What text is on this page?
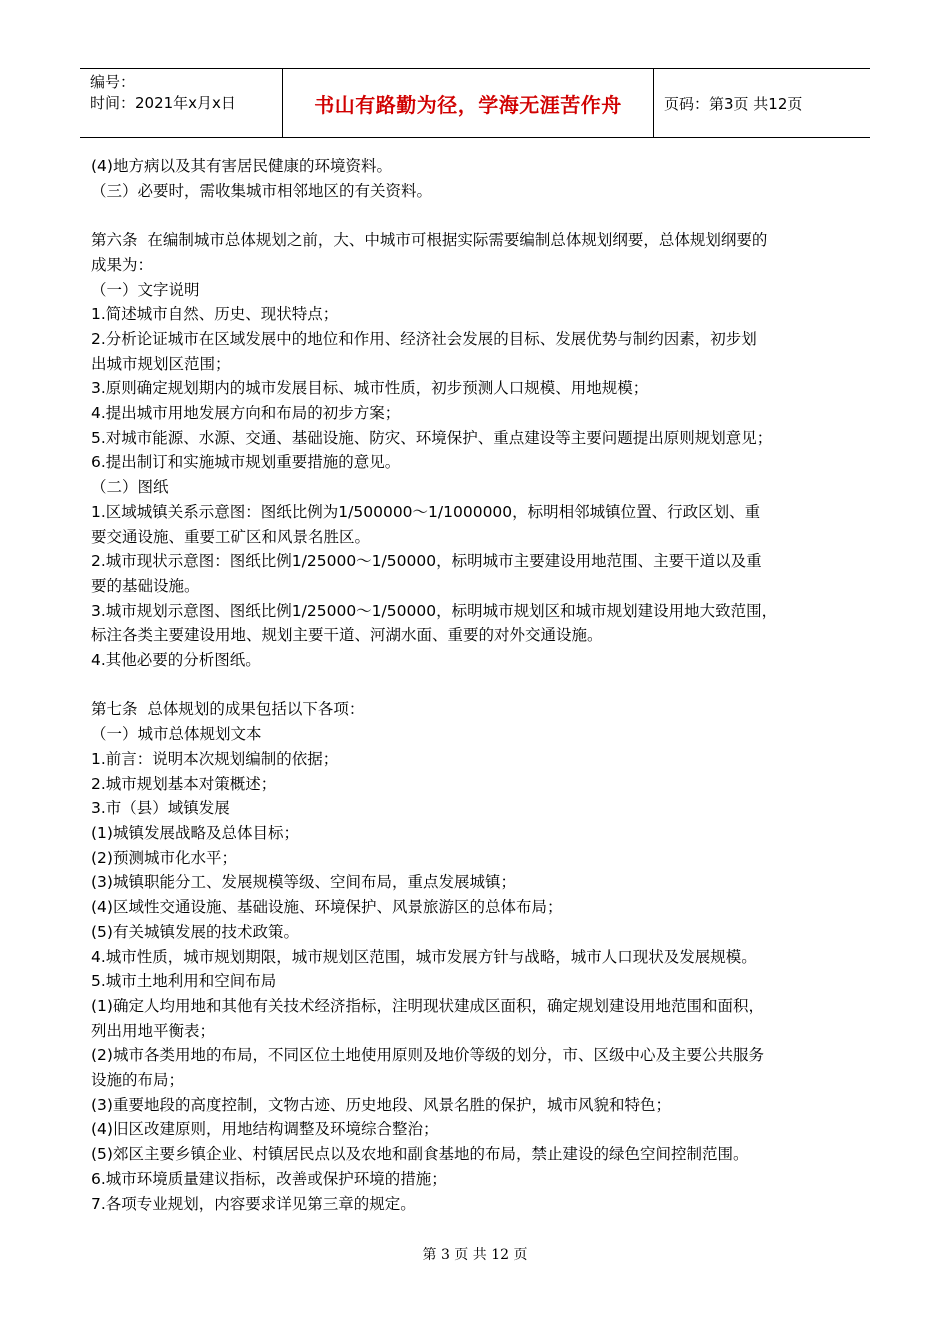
编号：
时间：2021年x月x日	书山有路勤为径，学海无涯苦作舟	页码：第3页 共12页

(4)地方病以及其有害居民健康的环境资料。

（三）必要时，需收集城市相邻地区的有关资料。

第六条  在编制城市总体规划之前，大、中城市可根据实际需要编制总体规划纲要，总体规划纲要的

成果为：

（一）文字说明

1.简述城市自然、历史、现状特点；

2.分析论证城市在区域发展中的地位和作用、经济社会发展的目标、发展优势与制约因素，初步划

出城市规划区范围；

3.原则确定规划期内的城市发展目标、城市性质，初步预测人口规模、用地规模；

4.提出城市用地发展方向和布局的初步方案；

5.对城市能源、水源、交通、基础设施、防灾、环境保护、重点建设等主要问题提出原则规划意见；

6.提出制订和实施城市规划重要措施的意见。

（二）图纸

1.区域城镇关系示意图：图纸比例为1/500000～1/1000000，标明相邻城镇位置、行政区划、重

要交通设施、重要工矿区和风景名胜区。

2.城市现状示意图：图纸比例1/25000～1/50000，标明城市主要建设用地范围、主要干道以及重

要的基础设施。

3.城市规划示意图、图纸比例1/25000～1/50000，标明城市规划区和城市规划建设用地大致范围，

标注各类主要建设用地、规划主要干道、河湖水面、重要的对外交通设施。

4.其他必要的分析图纸。

第七条  总体规划的成果包括以下各项：

（一）城市总体规划文本

1.前言：说明本次规划编制的依据；

2.城市规划基本对策概述；

3.市（县）域镇发展

(1)城镇发展战略及总体目标；

(2)预测城市化水平；

(3)城镇职能分工、发展规模等级、空间布局，重点发展城镇；

(4)区域性交通设施、基础设施、环境保护、风景旅游区的总体布局；

(5)有关城镇发展的技术政策。

4.城市性质，城市规划期限，城市规划区范围，城市发展方针与战略，城市人口现状及发展规模。

5.城市土地利用和空间布局

(1)确定人均用地和其他有关技术经济指标，注明现状建成区面积，确定规划建设用地范围和面积，

列出用地平衡表；

(2)城市各类用地的布局，不同区位土地使用原则及地价等级的划分，市、区级中心及主要公共服务

设施的布局；

(3)重要地段的高度控制，文物古迹、历史地段、风景名胜的保护，城市风貌和特色；

(4)旧区改建原则，用地结构调整及环境综合整治；

(5)郊区主要乡镇企业、村镇居民点以及农地和副食基地的布局，禁止建设的绿色空间控制范围。

6.城市环境质量建议指标，改善或保护环境的措施；

7.各项专业规划，内容要求详见第三章的规定。

第 3 页 共 12 页
